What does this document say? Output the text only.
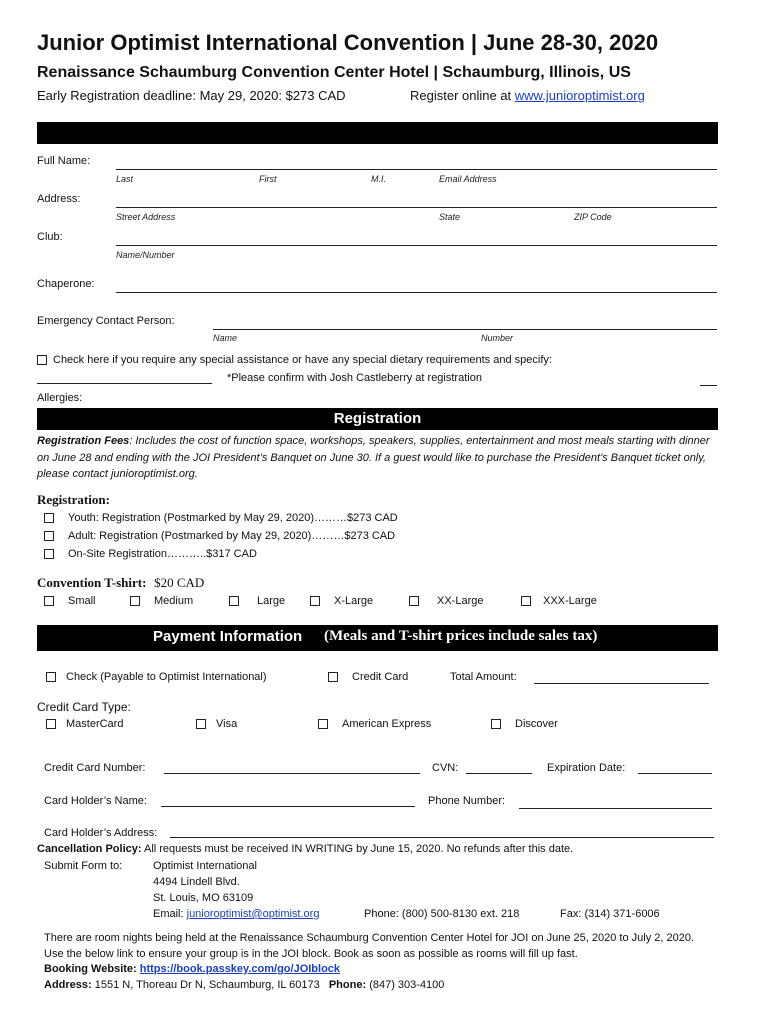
Junior Optimist International Convention | June 28-30, 2020
Renaissance Schaumburg Convention Center Hotel | Schaumburg, Illinois, US
Early Registration deadline: May 29, 2020: $273 CAD	Register online at www.junioroptimist.org
Full Name:
Last	First	M.I.	Email Address
Address:
Street Address	State	ZIP Code
Club:
Name/Number
Chaperone:
Emergency Contact Person:
Name	Number
Check here if you require any special assistance or have any special dietary requirements and specify:
*Please confirm with Josh Castleberry at registration
Allergies:
Registration
Registration Fees: Includes the cost of function space, workshops, speakers, supplies, entertainment and most meals starting with dinner on June 28 and ending with the JOI President’s Banquet on June 30. If a guest would like to purchase the President’s Banquet ticket only, please contact junioroptimist.org.
Registration:
Youth: Registration (Postmarked by May 29, 2020)………$273 CAD
Adult: Registration (Postmarked by May 29, 2020)………$273 CAD
On-Site Registration………..$317 CAD
Convention T-shirt: $20 CAD
Small	Medium	Large	X-Large	XX-Large	XXX-Large
Payment Information (Meals and T-shirt prices include sales tax)
Check (Payable to Optimist International)	Credit Card	Total Amount:
Credit Card Type:
MasterCard	Visa	American Express	Discover
Credit Card Number:	CVN:	Expiration Date:
Card Holder’s Name:	Phone Number:
Card Holder’s Address:
Cancellation Policy: All requests must be received IN WRITING by June 15, 2020. No refunds after this date.
Submit Form to:	Optimist International
4494 Lindell Blvd.
St. Louis, MO 63109
Email: junioroptimist@optimist.org	Phone: (800) 500-8130 ext. 218	Fax: (314) 371-6006
There are room nights being held at the Renaissance Schaumburg Convention Center Hotel for JOI on June 25, 2020 to July 2, 2020. Use the below link to ensure your group is in the JOI block. Book as soon as possible as rooms will fill up fast.
Booking Website: https://book.passkey.com/go/JOIblock
Address: 1551 N, Thoreau Dr N, Schaumburg, IL 60173 Phone: (847) 303-4100
